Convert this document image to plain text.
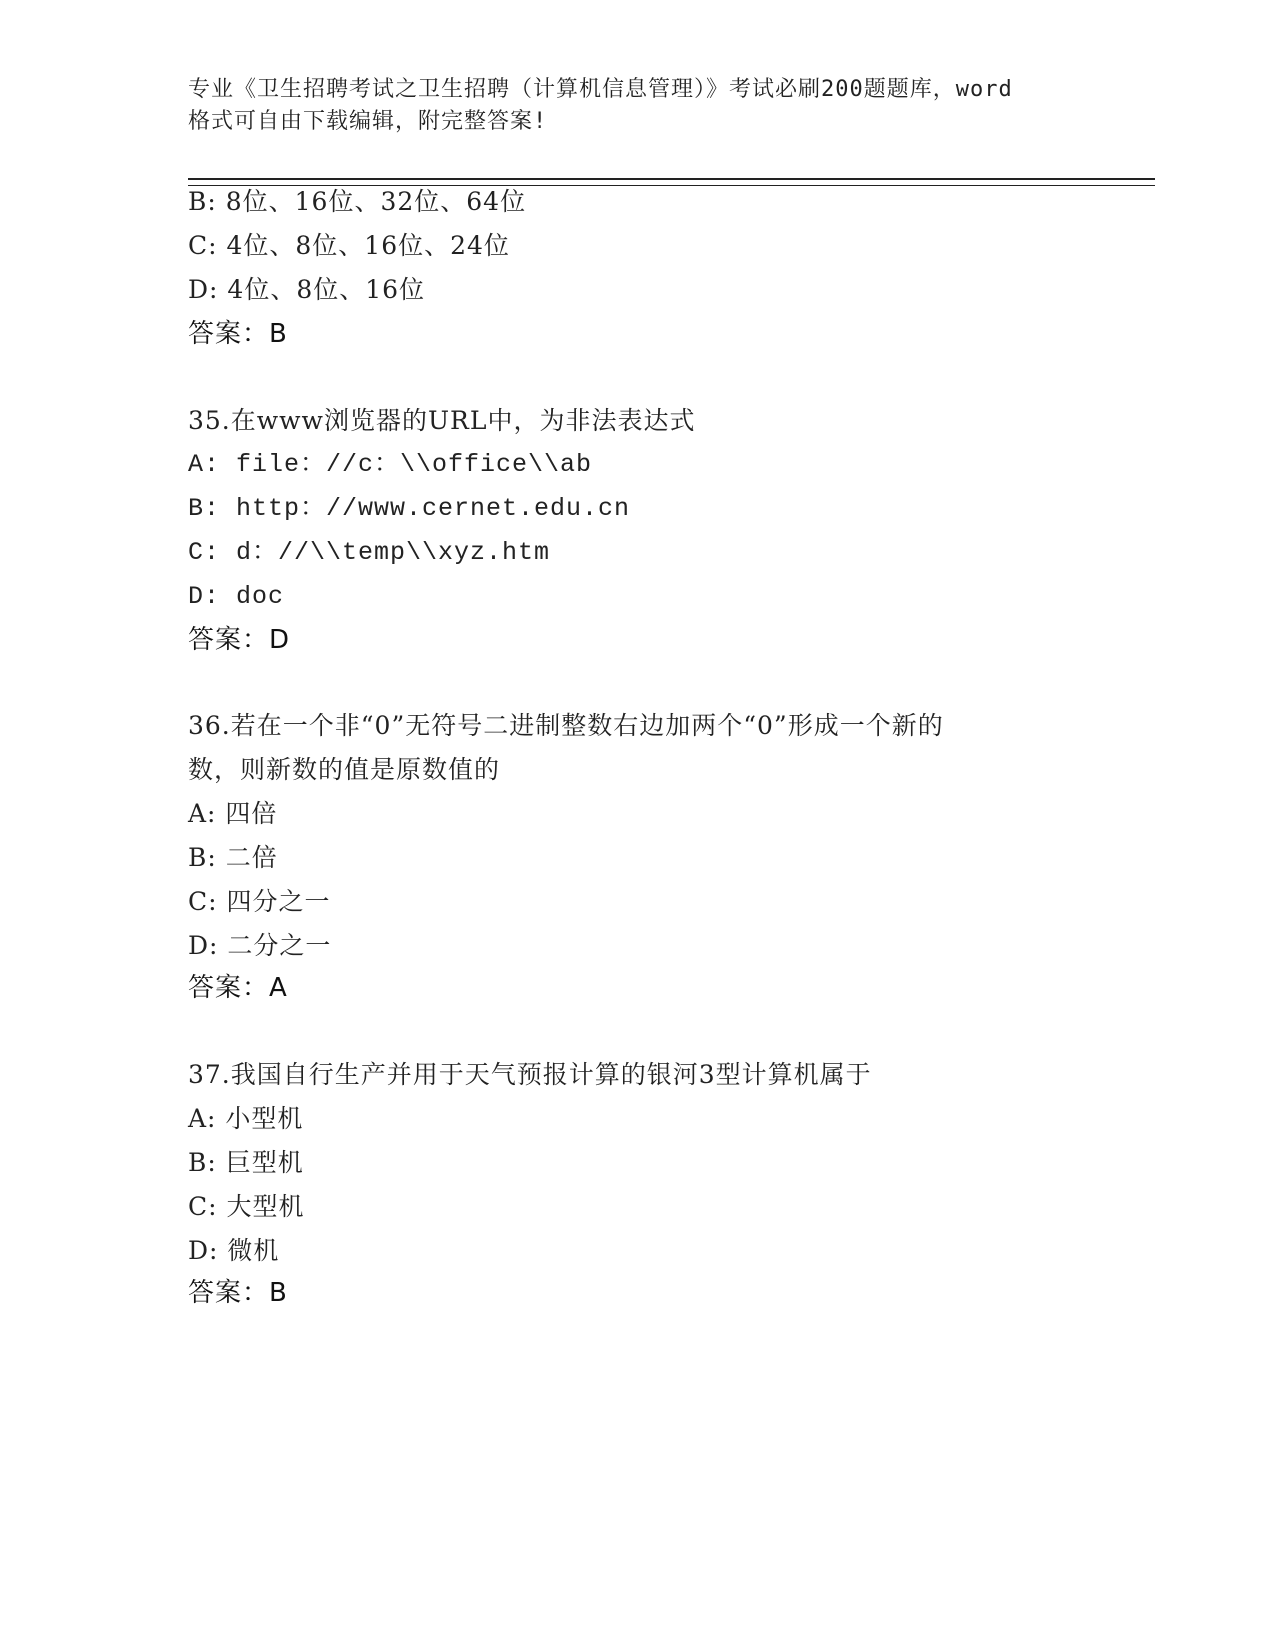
专业《卫生招聘考试之卫生招聘（计算机信息管理）》考试必刷200题题库，word
格式可自由下载编辑，附完整答案!
B: 8位、16位、32位、64位
C: 4位、8位、16位、24位
D: 4位、8位、16位
答案：B
35.在www浏览器的URL中，为非法表达式
A: file：//c：\\office\\ab
B: http：//www.cernet.edu.cn
C: d：//\\temp\\xyz.htm
D: doc
答案：D
36.若在一个非“0”无符号二进制整数右边加两个“0”形成一个新的
数，则新数的值是原数值的
A: 四倍
B: 二倍
C: 四分之一
D: 二分之一
答案：A
37.我国自行生产并用于天气预报计算的银河3型计算机属于
A: 小型机
B: 巨型机
C: 大型机
D: 微机
答案：B
